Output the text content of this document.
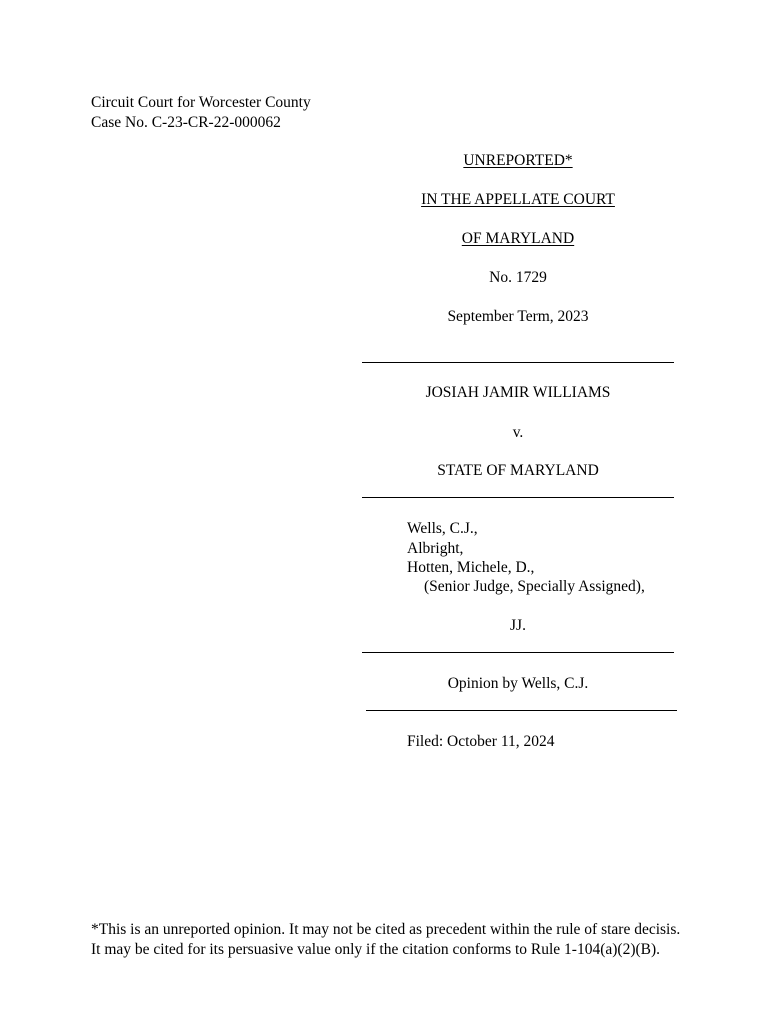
Circuit Court for Worcester County
Case No. C-23-CR-22-000062
UNREPORTED*
IN THE APPELLATE COURT
OF MARYLAND
No. 1729
September Term, 2023
JOSIAH JAMIR WILLIAMS
v.
STATE OF MARYLAND
Wells, C.J.,
Albright,
Hotten, Michele, D.,
(Senior Judge, Specially Assigned),
JJ.
Opinion by Wells, C.J.
Filed: October 11, 2024
*This is an unreported opinion. It may not be cited as precedent within the rule of stare decisis. It may be cited for its persuasive value only if the citation conforms to Rule 1-104(a)(2)(B).
